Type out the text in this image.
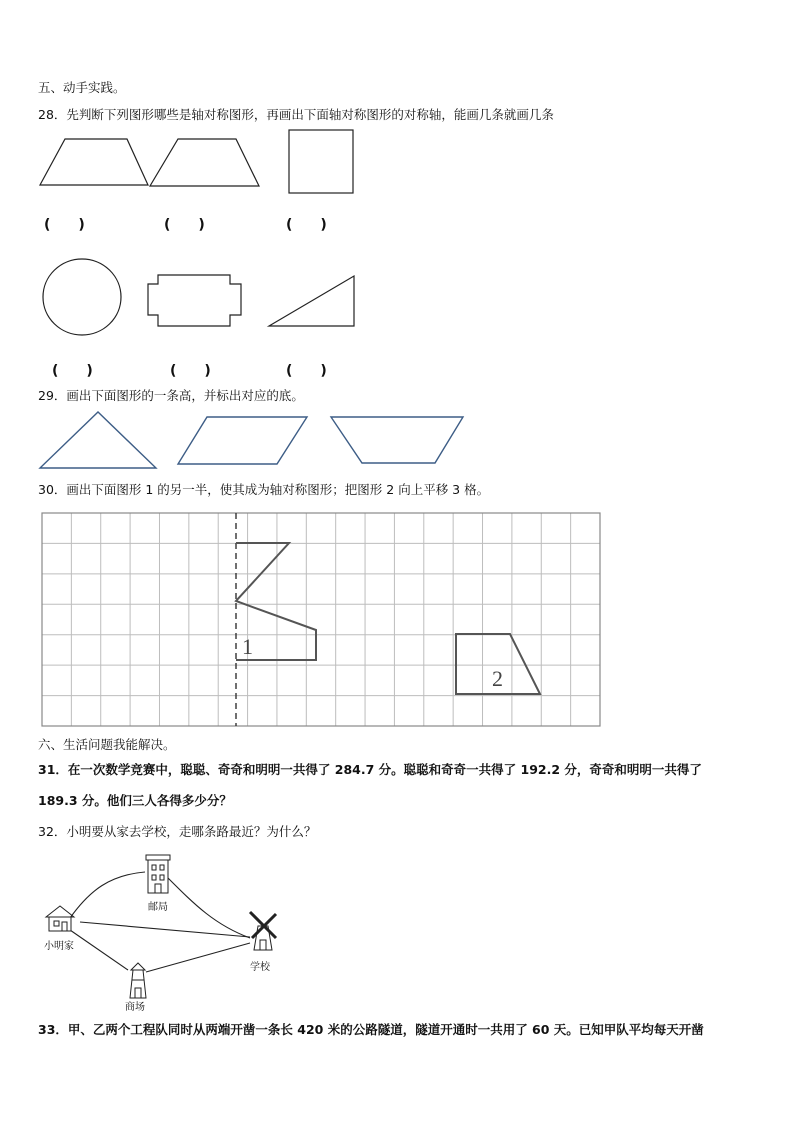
五、动手实践。
28．先判断下列图形哪些是轴对称图形，再画出下面轴对称图形的对称轴，能画几条就画几条
(　　)	(　　)	(　　)
(　　)	(　　)	(　　)
29．画出下面图形的一条高，并标出对应的底。
30．画出下面图形 1 的另一半，使其成为轴对称图形；把图形 2 向上平移 3 格。
1
2
六、生活问题我能解决。
31．在一次数学竞赛中，聪聪、奇奇和明明一共得了 284.7 分。聪聪和奇奇一共得了 192.2 分，奇奇和明明一共得了
189.3 分。他们三人各得多少分？
32．小明要从家去学校，走哪条路最近？为什么？
小明家
邮局
学校
商场
33．甲、乙两个工程队同时从两端开凿一条长 420 米的公路隧道，隧道开通时一共用了 60 天。已知甲队平均每天开凿
